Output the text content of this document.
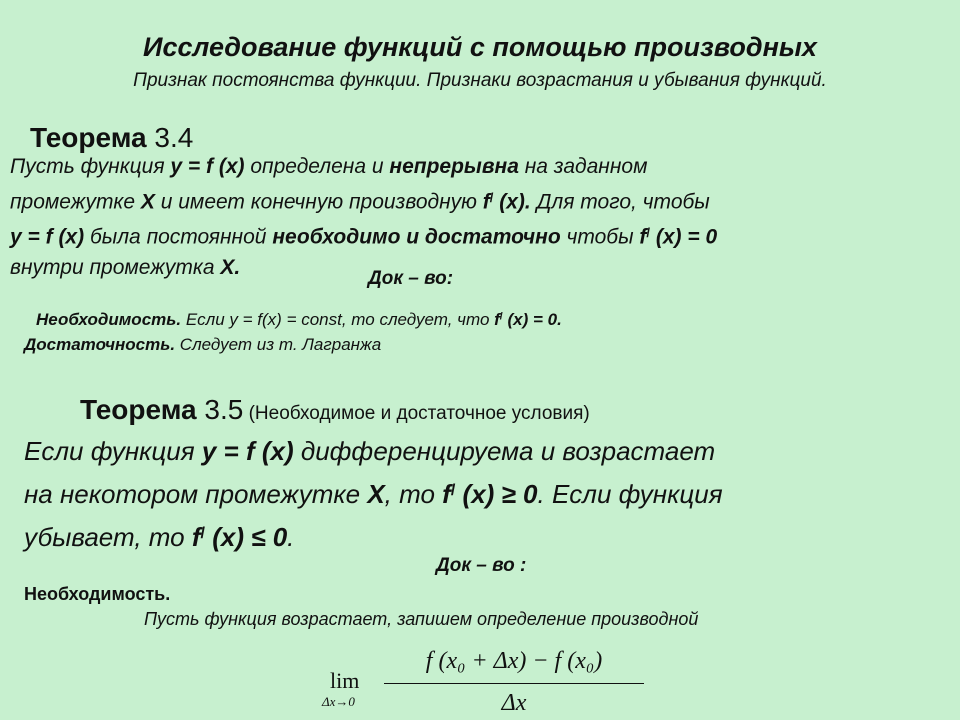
Исследование функций с помощью производных
Признак постоянства функции. Признаки возрастания и убывания функций.
Теорема 3.4
Пусть функция y = f (x) определена и непрерывна на заданном
промежутке X и имеет конечную производную f/ (x). Для того, чтобы
y = f (x) была постоянной необходимо и достаточно чтобы f/ (x) = 0
внутри промежутка X.	Док – во:
Необходимость. Если y = f(x) = const, то следует, что f/ (x) = 0.
Достаточность. Следует из т. Лагранжа
Теорема 3.5 (Необходимое и достаточное условия)
Если функция y = f (x) дифференцируема и возрастает
на некотором промежутке X, то f/ (x) ≥ 0. Если функция
убывает, то f/ (x) ≤ 0.
Док – во :
Необходимость.
Пусть функция возрастает, запишем определение производной
lim
Δx→0
f (x₀ + Δx) − f (x₀)
Δx
